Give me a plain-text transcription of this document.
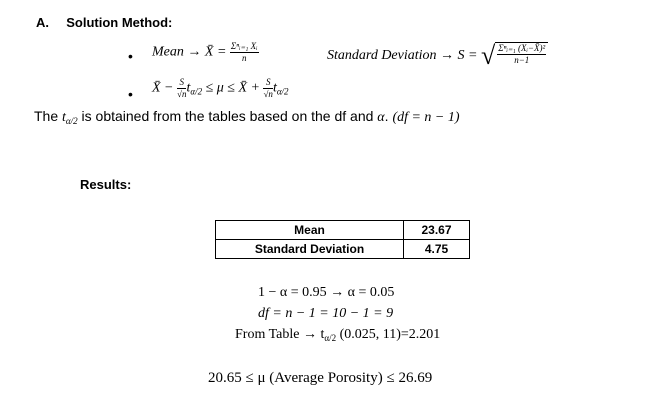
A. Solution Method:
• Mean → X̄ = $\frac{\text{Σⁿᵢ₌₁ Xᵢ}}{n}$	Standard Deviation → S = √ $\frac{\text{Σⁿᵢ₌₁ (Xᵢ−X̄)²}}{n-1}$
• X̄ − $\frac{S}{√n} t_{\alpha/2} \le \mu$ ≤ X̄ + $\frac{S}{√n} t_{\alpha/2}$
The $t_{\alpha/2}$ is obtained from the tables based on the df and α. (df = n − 1)
Results:
Mean	23.67
Standard Deviation	4.75
1 − α = 0.95 → α = 0.05
df = n − 1 = 10 − 1 = 9
From Table → $t_{\alpha/2}$ (0.025, 11)=2.201
20.65 ≤ μ (Average Porosity) ≤ 26.69
